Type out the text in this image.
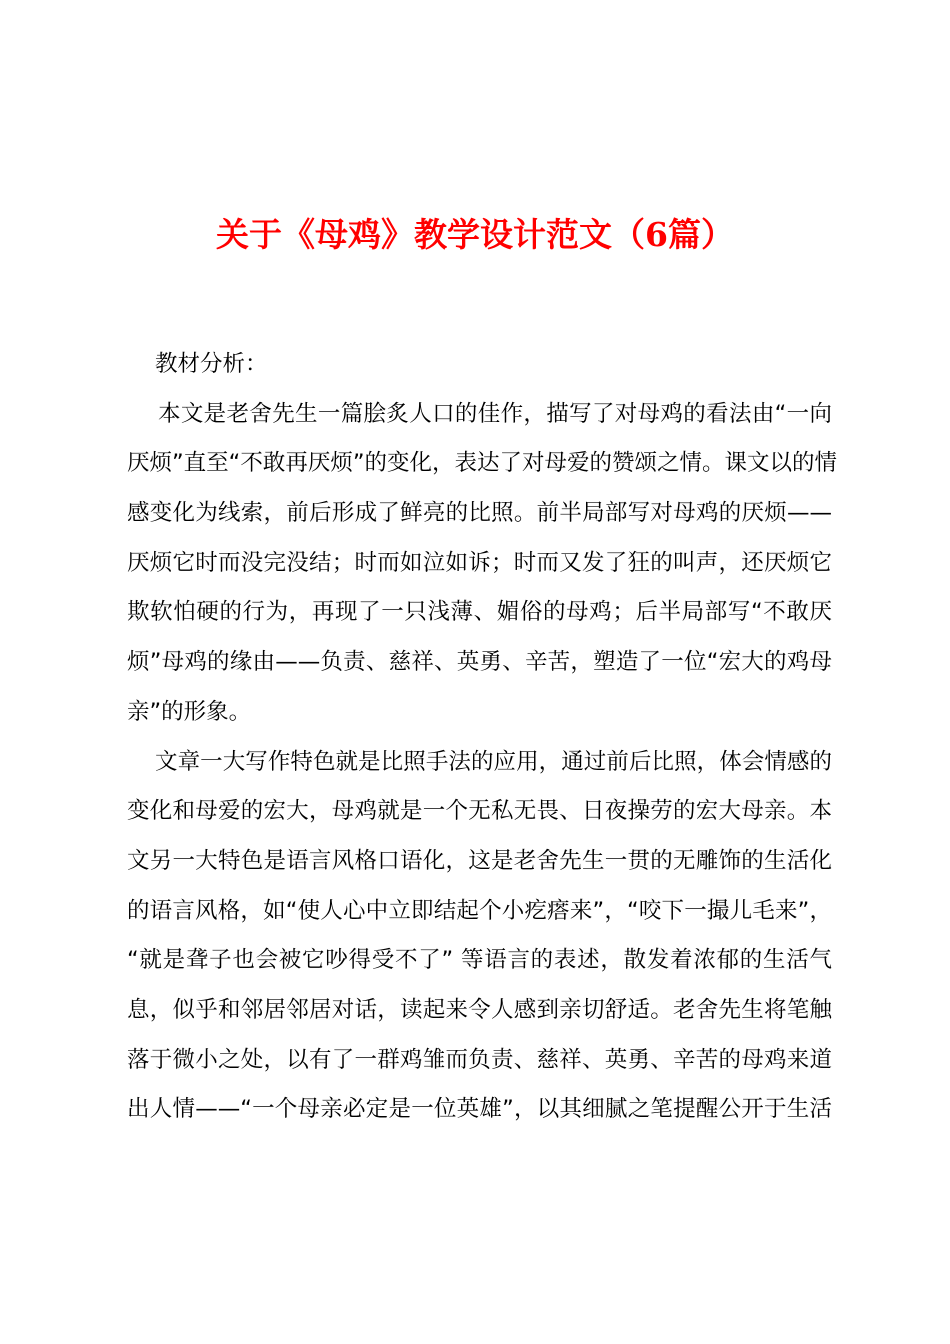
关于《母鸡》教学设计范文（6篇）
教材分析：
本文是老舍先生一篇脍炙人口的佳作，描写了对母鸡的看法由“一向
厌烦”直至“不敢再厌烦”的变化，表达了对母爱的赞颂之情。课文以的情
感变化为线索，前后形成了鲜亮的比照。前半局部写对母鸡的厌烦——
厌烦它时而没完没结；时而如泣如诉；时而又发了狂的叫声，还厌烦它
欺软怕硬的行为，再现了一只浅薄、媚俗的母鸡；后半局部写“不敢厌
烦”母鸡的缘由——负责、慈祥、英勇、辛苦，塑造了一位“宏大的鸡母
亲”的形象。
文章一大写作特色就是比照手法的应用，通过前后比照，体会情感的
变化和母爱的宏大，母鸡就是一个无私无畏、日夜操劳的宏大母亲。本
文另一大特色是语言风格口语化，这是老舍先生一贯的无雕饰的生活化
的语言风格，如“使人心中立即结起个小疙瘩来”，“咬下一撮儿毛来”，
“就是聋子也会被它吵得受不了” 等语言的表述，散发着浓郁的生活气
息，似乎和邻居邻居对话，读起来令人感到亲切舒适。老舍先生将笔触
落于微小之处，以有了一群鸡雏而负责、慈祥、英勇、辛苦的母鸡来道
出人情——“一个母亲必定是一位英雄”，以其细腻之笔提醒公开于生活
